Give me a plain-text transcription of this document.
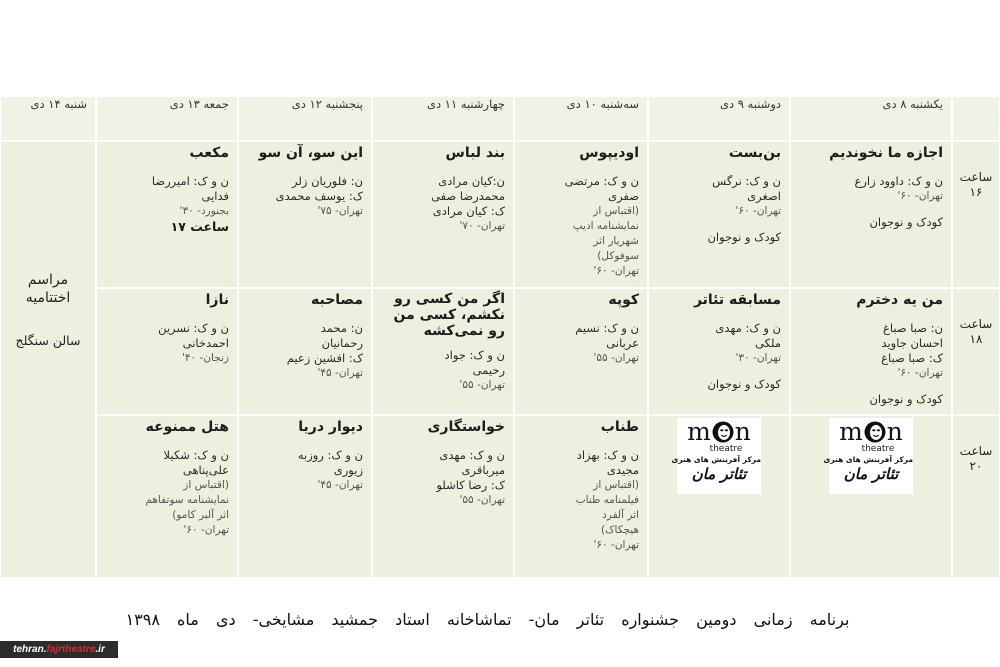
یکشنبه ۸ دی
دوشنبه ۹ دی
سه‌شنبه ۱۰ دی
چهارشنبه ۱۱ دی
پنجشنبه ۱۲ دی
جمعه ۱۳ دی
شنبه ۱۴ دی
مراسم اختتامیه
سالن سنگلج
ساعت ۱۶
اجازه ما نخوندیم
ن و ک: داوود زارع
تهران- ۶۰'
کودک و نوجوان
بن‌بست
ن و ک: نرگس
اصغری
تهران- ۶۰'
کودک و نوجوان
اودیپوس
ن و ک: مرتضی
صفری
(اقتباس از
نمایشنامه ادیپ
شهریار اثر
سوفوکل)
تهران- ۶۰'
بند لباس
ن:کیان مرادی
محمدرضا صفی
ک: کیان مرادی
تهران- ۷۰'
این سو، آن سو
ن: فلوریان زلر
ک: یوسف محمدی
تهران- ۷۵'
مکعب
ن و ک: امیررضا
فدایی
بجنورد- ۳۰'
ساعت ۱۷
ساعت ۱۸
من یه دخترم
ن: صبا صباغ
احسان جاوید
ک: صبا صباغ
تهران- ۶۰'
کودک و نوجوان
مسابقه تئاتر
ن و ک: مهدی
ملکی
تهران- ۳۰'
کودک و نوجوان
کوپه
ن و ک: نسیم
عربانی
تهران- ۵۵'
اگر من کسی رو نکشم، کسی من رو نمی‌کشه
ن و ک: جواد
رحیمی
تهران- ۵۵'
مصاحبه
ن: محمد
رحمانیان
ک: افشین زعیم
تهران- ۴۵'
نازا
ن و ک: نسرین
احمدخانی
زنجان- ۴۰'
ساعت ۲۰
m n
theatre
مرکز آفرینش های هنری
تئاتر مان
m n
theatre
مرکز آفرینش های هنری
تئاتر مان
طناب
ن و ک: بهزاد
مجیدی
(اقتباس از
فیلمنامه طناب
اثر آلفرد
هیچکاک)
تهران- ۶۰'
خواستگاری
ن و ک: مهدی
میرباقری
ک: رضا کاشلو
تهران- ۵۵'
دیوار دریا
ن و ک: روزبه
زیوری
تهران- ۴۵'
هتل ممنوعه
ن و ک: شکیلا
علی‌پناهی
(اقتباس از
نمایشنامه سوتفاهم
اثر آلبر کامو)
تهران- ۶۰'
برنامه زمانی دومین جشنواره تئاتر مان- تماشاخانه استاد جمشید مشایخی- دی ماه ۱۳۹۸
tehran.fajrtheatre.ir
